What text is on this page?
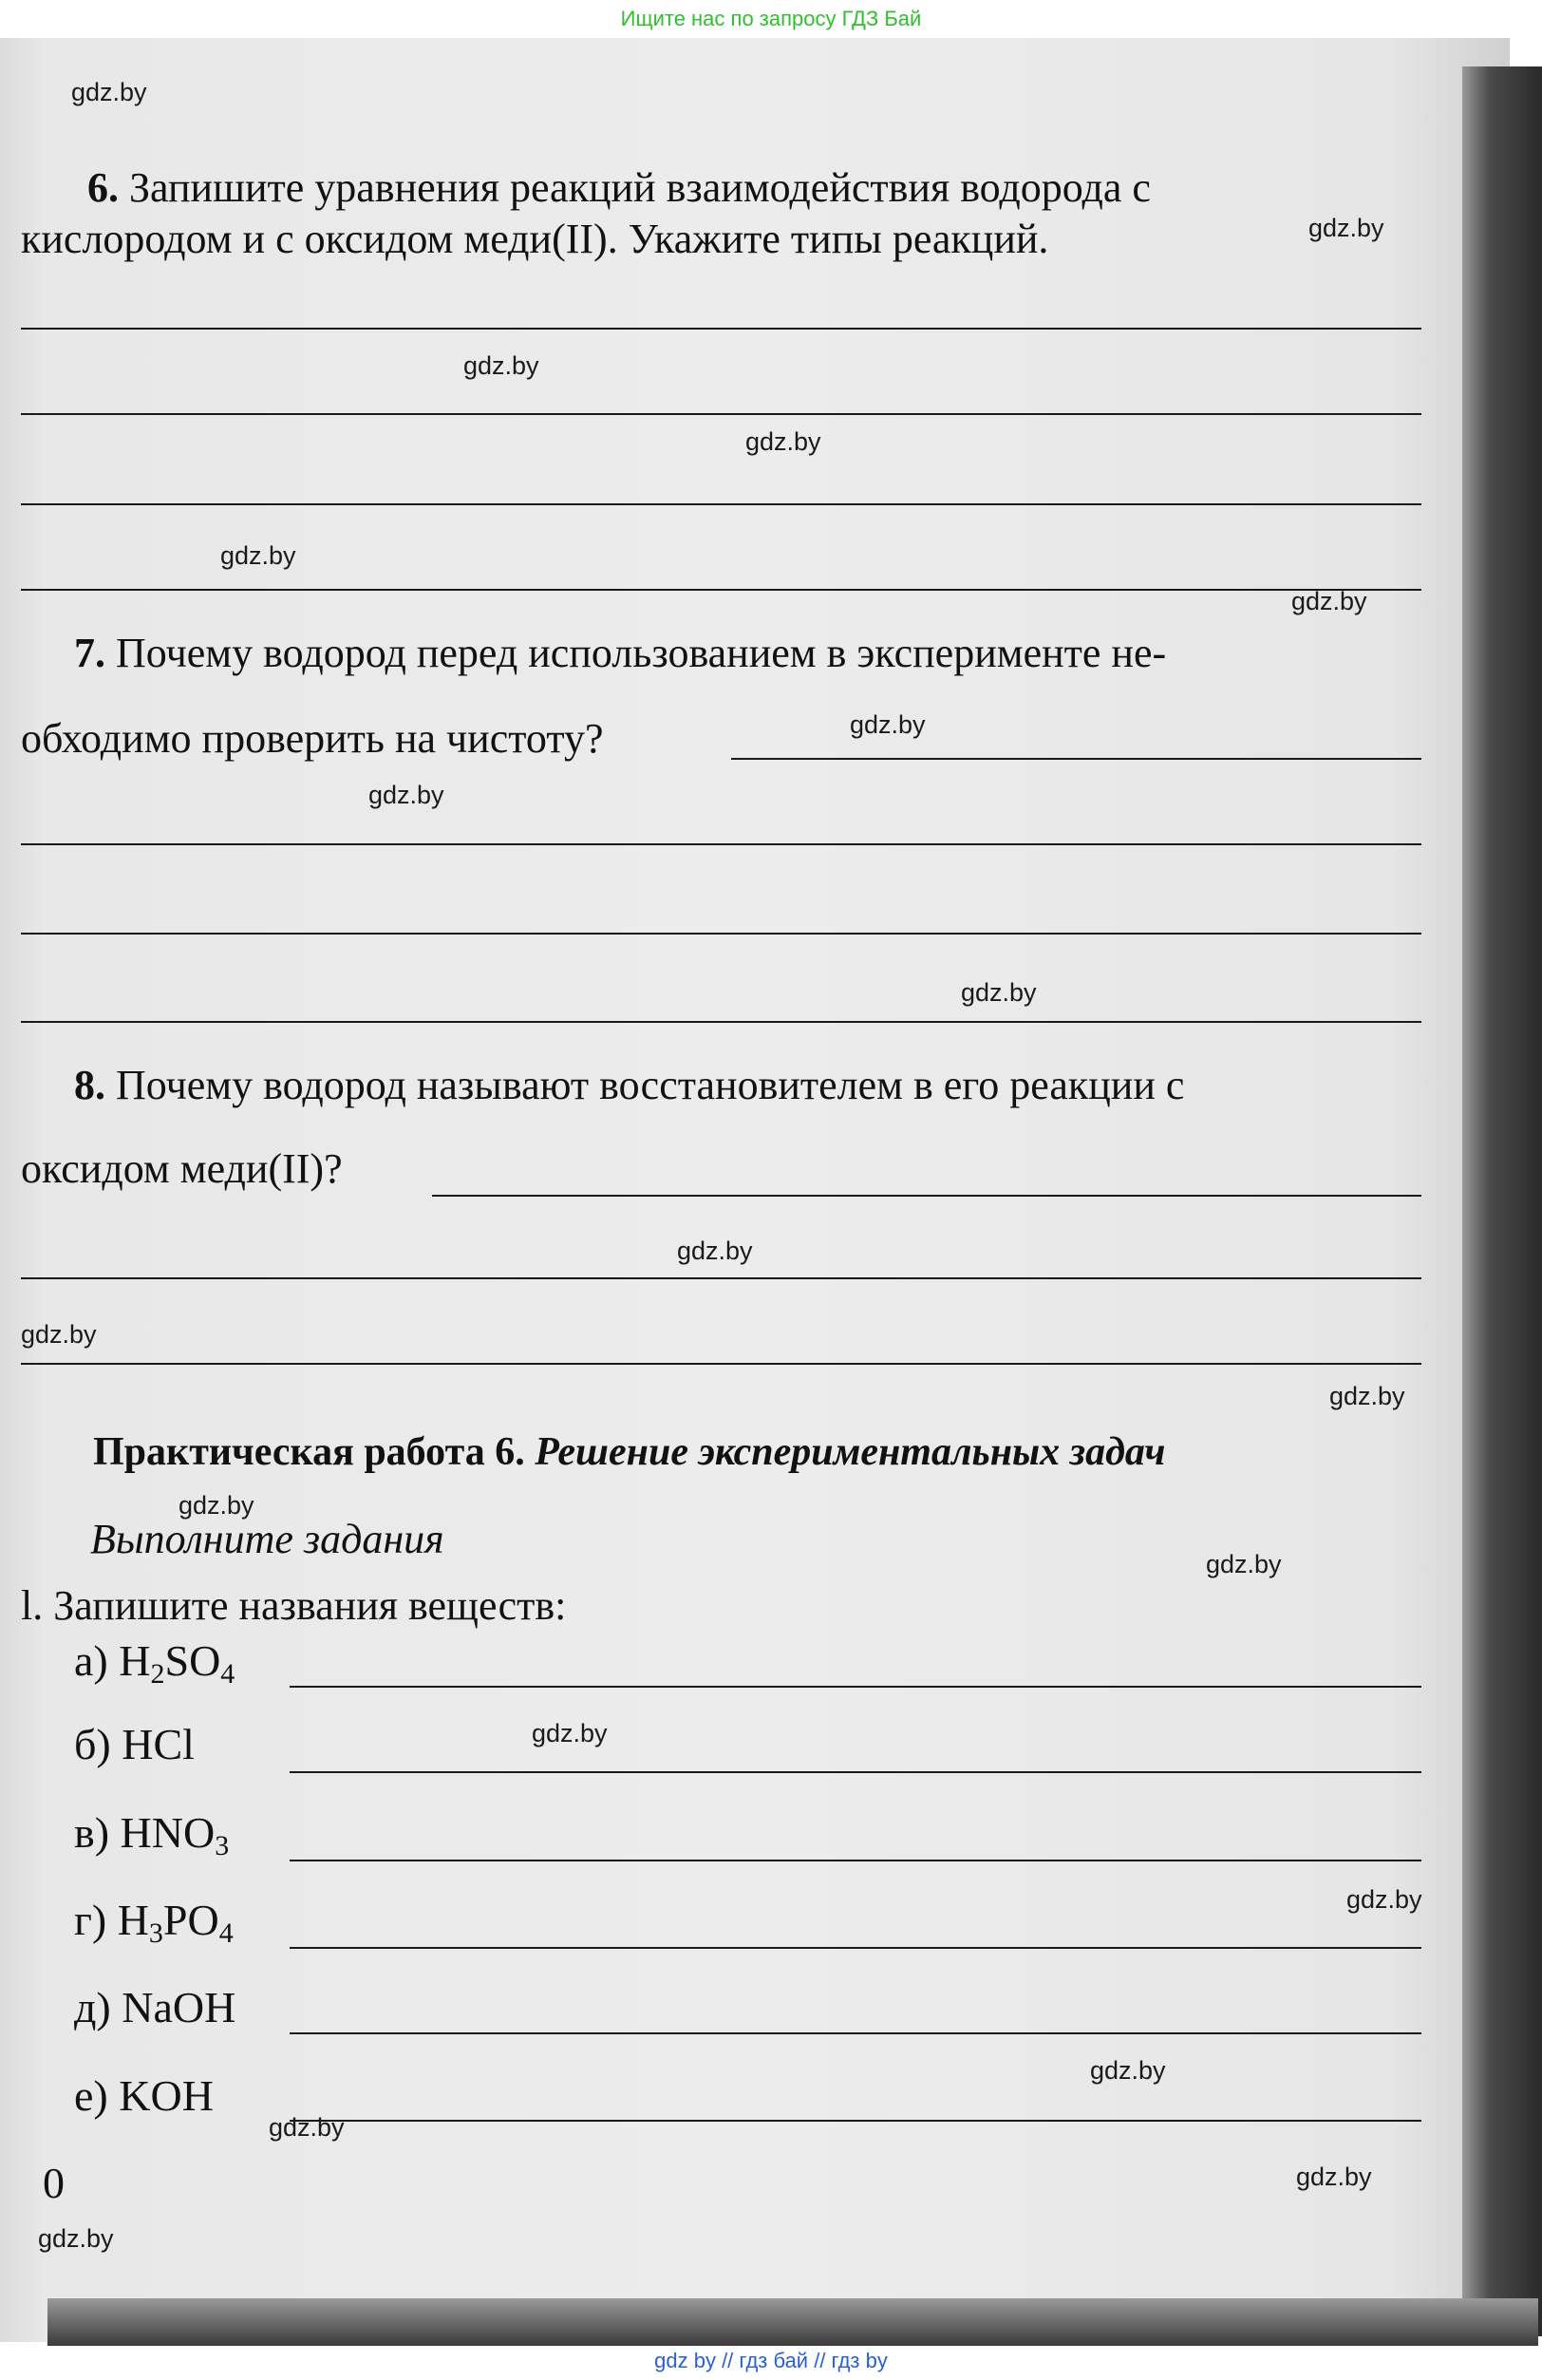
Ищите нас по запросу ГДЗ Бай
6. Запишите уравнения реакций взаимодействия водорода с
кислородом и с оксидом меди(II). Укажите типы реакций.
7. Почему водород перед использованием в эксперименте не-
обходимо проверить на чистоту?
8. Почему водород называют восстановителем в его реакции с
оксидом меди(II)?
Практическая работа 6. Решение экспериментальных задач
Выполните задания
l. Запишите названия веществ:
а) $H_2SO_4$
б) HCl
в) $HNO_3$
г) $H_3PO_4$
д) NaOH
е) KOH
0
gdz.by
gdz.by
gdz.by
gdz.by
gdz.by
gdz.by
gdz.by
gdz.by
gdz.by
gdz.by
gdz.by
gdz.by
gdz.by
gdz.by
gdz.by
gdz.by
gdz.by
gdz.by
gdz.by
gdz.by
gdz by // гдз бай // гдз by
